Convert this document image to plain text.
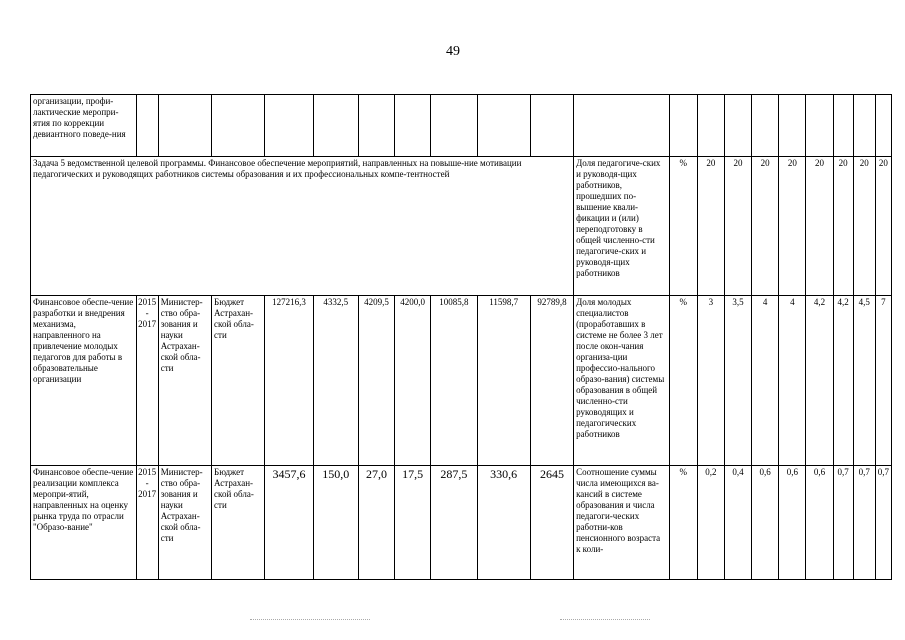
49
организации, профи-лактические меропри-ятия по коррекции девиантного поведе-ния																				
Задача 5 ведомственной целевой программы. Финансовое обеспечение мероприятий, направленных на повыше-ние мотивации педагогических и руководящих работников системы образования и их профессиональных компе-тентностей											Доля педагогиче-ских и руководя-щих работников, прошедших по-вышение квали-фикации и (или) переподготовку в общей численно-сти педагогиче-ских и руководя-щих работников	%	20	20	20	20	20	20	20	20
Финансовое обеспе-чение разработки и внедрения механизма, направленного на привлечение молодых педагогов для работы в образовательные организации	2015 - 2017	Министер-ство обра-зования и науки Астрахан-ской обла-сти	Бюджет Астрахан-ской обла-сти	127216,3	4332,5	4209,5	4200,0	10085,8	11598,7	92789,8	Доля молодых специалистов (проработавших в системе не более 3 лет после окон-чания организа-ции профессио-нального образо-вания) системы образования в общей численно-сти руководящих и педагогических работников	%	3	3,5	4	4	4,2	4,2	4,5	7
Финансовое обеспе-чение реализации комплекса меропри-ятий, направленных на оценку рынка труда по отрасли "Образо-вание"	2015 - 2017	Министер-ство обра-зования и науки Астрахан-ской обла-сти	Бюджет Астрахан-ской обла-сти	3457,6	150,0	27,0	17,5	287,5	330,6	2645	Соотношение суммы числа имеющихся ва-кансий в системе образования и числа педагоги-ческих работни-ков пенсионного возраста к коли-	%	0,2	0,4	0,6	0,6	0,6	0,7	0,7	0,7
